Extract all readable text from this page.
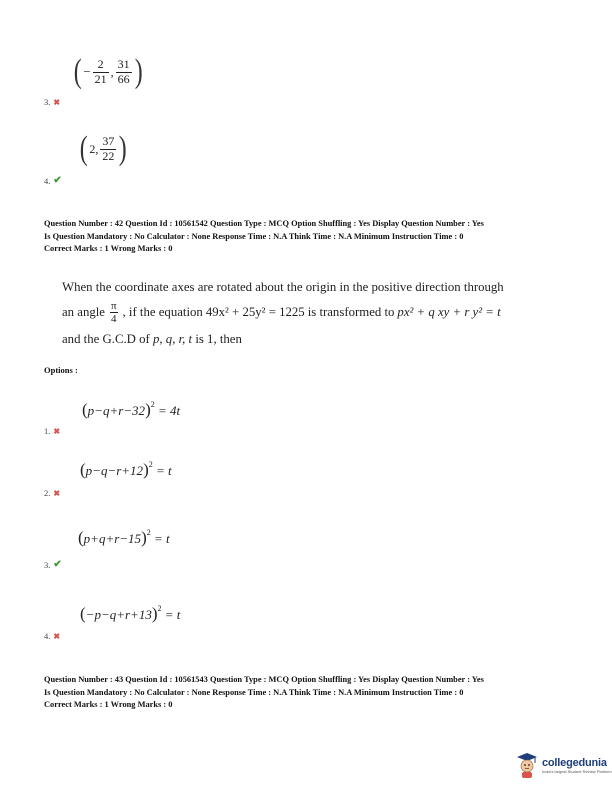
( − $\frac{2}{21}$ , $\frac{31}{66}$ )
3. ✖
( 2, $\frac{37}{22}$ )
4. ✔
Question Number : 42 Question Id : 10561542 Question Type : MCQ Option Shuffling : Yes Display Question Number : Yes
Is Question Mandatory : No Calculator : None Response Time : N.A Think Time : N.A Minimum Instruction Time : 0
Correct Marks : 1 Wrong Marks : 0
When the coordinate axes are rotated about the origin in the positive direction through
an angle $\frac{\pi}{4}$ , if the equation 49x² + 25y² = 1225 is transformed to px² + q xy + r y² = t
and the G.C.D of p, q, r, t is 1, then
Options :
$(p-q+r-32)^2 = 4t$
1. ✖
$(p-q-r+12)^2 = t$
2. ✖
$(p+q+r-15)^2 = t$
3. ✔
$(-p-q+r+13)^2 = t$
4. ✖
Question Number : 43 Question Id : 10561543 Question Type : MCQ Option Shuffling : Yes Display Question Number : Yes
Is Question Mandatory : No Calculator : None Response Time : N.A Think Time : N.A Minimum Instruction Time : 0
Correct Marks : 1 Wrong Marks : 0
collegedunia
India's largest Student Review Platform
